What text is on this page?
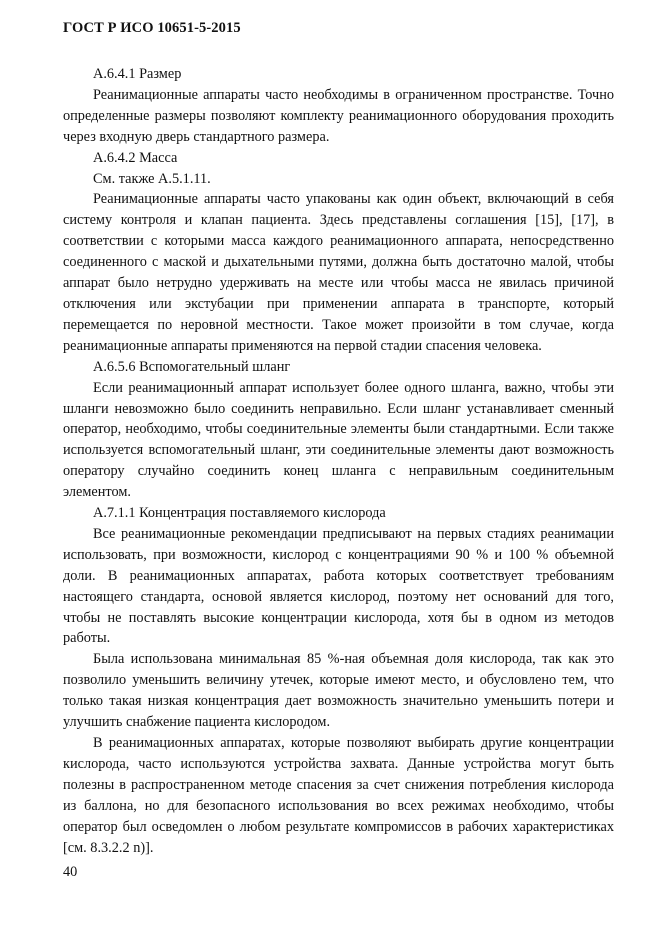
ГОСТ Р ИСО 10651-5-2015

А.6.4.1 Размер

Реанимационные аппараты часто необходимы в ограниченном пространстве. Точно определенные размеры позволяют комплекту реанимационного оборудования проходить через входную дверь стандартного размера.

А.6.4.2 Масса

См. также А.5.1.11.

Реанимационные аппараты часто упакованы как один объект, включающий в себя систему контроля и клапан пациента. Здесь представлены соглашения [15], [17], в соответствии с которыми масса каждого реанимационного аппарата, непосредственно соединенного с маской и дыхательными путями, должна быть достаточно малой, чтобы аппарат было нетрудно удерживать на месте или чтобы масса не явилась причиной отключения или экстубации при применении аппарата в транспорте, который перемещается по неровной местности. Такое может произойти в том случае, когда реанимационные аппараты применяются на первой стадии спасения человека.

А.6.5.6 Вспомогательный шланг

Если реанимационный аппарат использует более одного шланга, важно, чтобы эти шланги невозможно было соединить неправильно. Если шланг устанавливает сменный оператор, необходимо, чтобы соединительные элементы были стандартными. Если также используется вспомогательный шланг, эти соединительные элементы дают возможность оператору случайно соединить конец шланга с неправильным соединительным элементом.

А.7.1.1 Концентрация поставляемого кислорода

Все реанимационные рекомендации предписывают на первых стадиях реанимации использовать, при возможности, кислород с концентрациями 90 % и 100 % объемной доли. В реанимационных аппаратах, работа которых соответствует требованиям настоящего стандарта, основой является кислород, поэтому нет оснований для того, чтобы не поставлять высокие концентрации кислорода, хотя бы в одном из методов работы.

Была использована минимальная 85 %-ная объемная доля кислорода, так как это позволило уменьшить величину утечек, которые имеют место, и обусловлено тем, что только такая низкая концентрация дает возможность значительно уменьшить потери и улучшить снабжение пациента кислородом.

В реанимационных аппаратах, которые позволяют выбирать другие концентрации кислорода, часто используются устройства захвата. Данные устройства могут быть полезны в распространенном методе спасения за счет снижения потребления кислорода из баллона, но для безопасного использования во всех режимах необходимо, чтобы оператор был осведомлен о любом результате компромиссов в рабочих характеристиках [см. 8.3.2.2 n)].

40
